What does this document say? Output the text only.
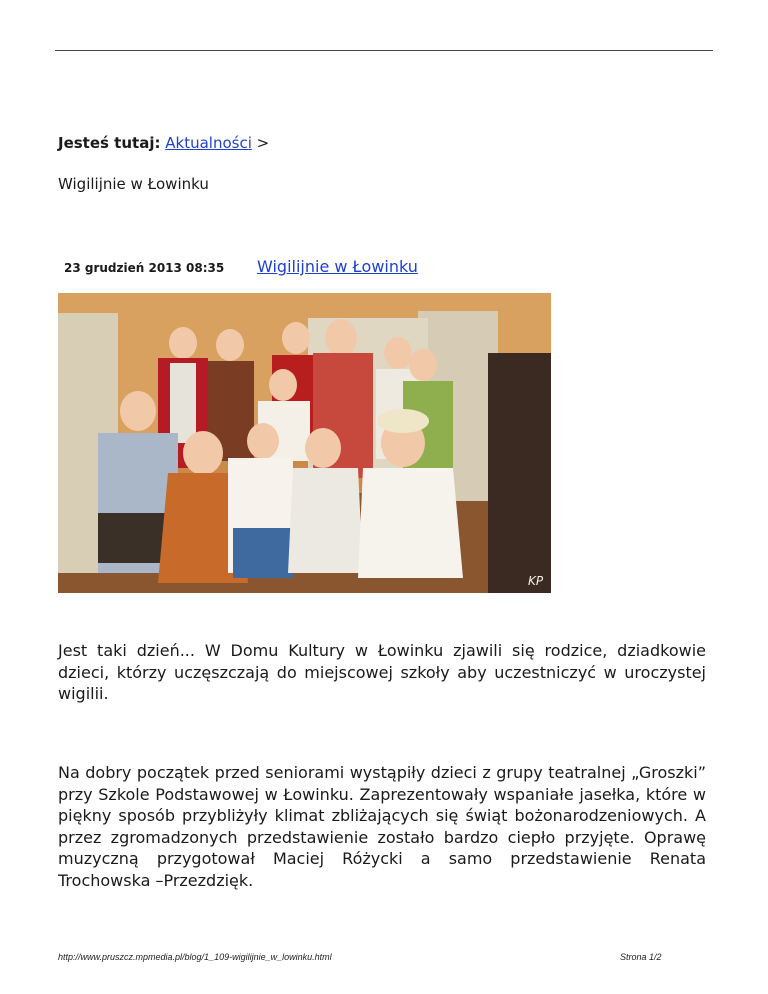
Jesteś tutaj: Aktualności >
Wigilijnie w Łowinku
23 grudzień 2013 08:35 Wigilijnie w Łowinku
KP

Jest taki dzień... W Domu Kultury w Łowinku zjawili się rodzice, dziadkowie dzieci, którzy uczęszczają do miejscowej szkoły aby uczestniczyć w uroczystej wigilii.

Na dobry początek przed seniorami wystąpiły dzieci z grupy teatralnej „Groszki” przy Szkole Podstawowej w Łowinku. Zaprezentowały wspaniałe jasełka, które w piękny sposób przybliżyły klimat zbliżających się świąt bożonarodzeniowych. A przez zgromadzonych przedstawienie zostało bardzo ciepło przyjęte. Oprawę muzyczną przygotował Maciej Różycki a samo przedstawienie Renata Trochowska –Przezdzięk.

http://www.pruszcz.mpmedia.pl/blog/1_109-wigilijnie_w_lowinku.html	Strona 1/2
